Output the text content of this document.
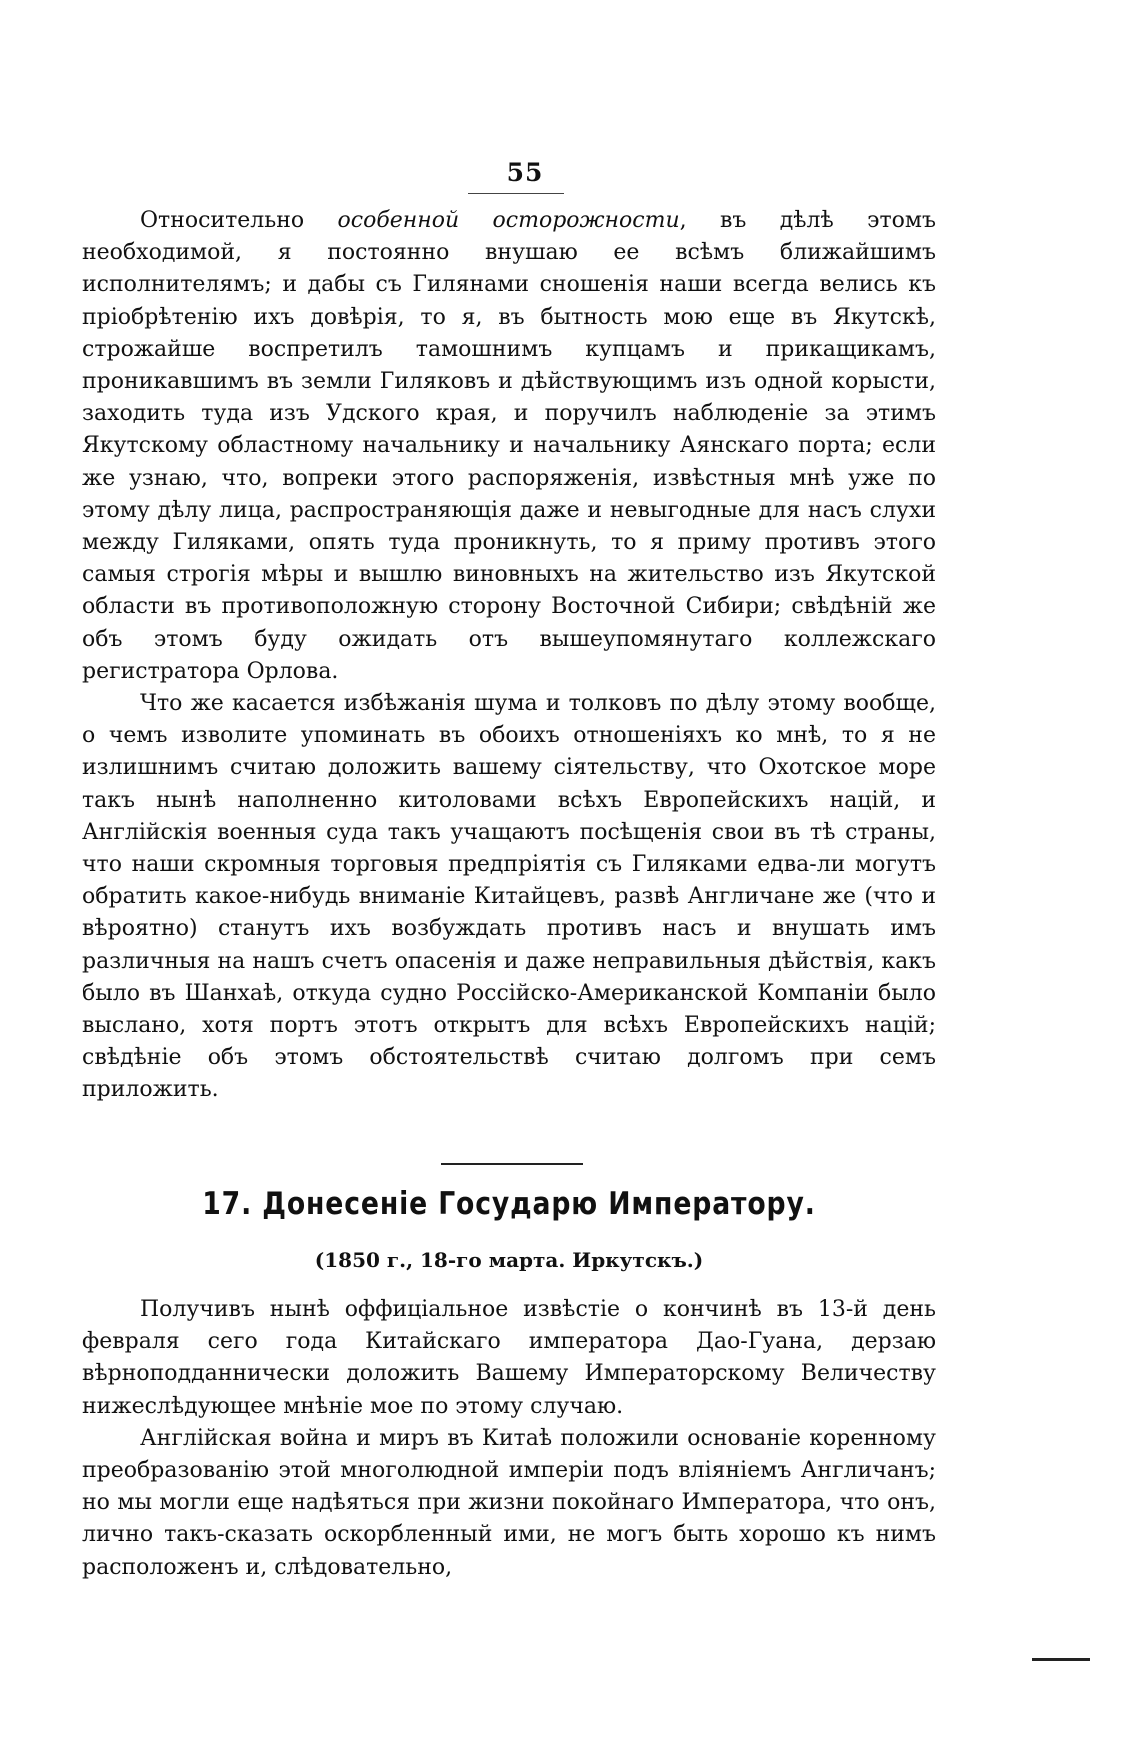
55

Относительно особенной осторожности, въ дѣлѣ этомъ необходимой, я постоянно внушаю ее всѣмъ ближайшимъ исполнителямъ; и дабы съ Гилянами сношенія наши всегда велись къ пріобрѣтенію ихъ довѣрія, то я, въ бытность мою еще въ Якутскѣ, строжайше воспретилъ тамошнимъ купцамъ и прикащикамъ, проникавшимъ въ земли Гиляковъ и дѣйствующимъ изъ одной корысти, заходить туда изъ Удского края, и поручилъ наблюденіе за этимъ Якутскому областному начальнику и начальнику Аянскаго порта; если же узнаю, что, вопреки этого распоряженія, извѣстныя мнѣ уже по этому дѣлу лица, распространяющія даже и невыгодные для насъ слухи между Гиляками, опять туда проникнуть, то я приму противъ этого самыя строгія мѣры и вышлю виновныхъ на жительство изъ Якутской области въ противоположную сторону Восточной Сибири; свѣдѣній же объ этомъ буду ожидать отъ вышеупомянутаго коллежскаго регистратора Орлова.

Что же касается избѣжанія шума и толковъ по дѣлу этому вообще, о чемъ изволите упоминать въ обоихъ отношеніяхъ ко мнѣ, то я не излишнимъ считаю доложить вашему сіятельству, что Охотское море такъ нынѣ наполненно китоловами всѣхъ Европейскихъ націй, и Англійскія военныя суда такъ учащаютъ посѣщенія свои въ тѣ страны, что наши скромныя торговыя предпріятія съ Гиляками едва-ли могутъ обратить какое-нибудь вниманіе Китайцевъ, развѣ Англичане же (что и вѣроятно) станутъ ихъ возбуждать противъ насъ и внушать имъ различныя на нашъ счетъ опасенія и даже неправильныя дѣйствія, какъ было въ Шанхаѣ, откуда судно Россійско-Американской Компаніи было выслано, хотя портъ этотъ открытъ для всѣхъ Европейскихъ націй; свѣдѣніе объ этомъ обстоятельствѣ считаю долгомъ при семъ приложить.

17. Донесеніе Государю Императору.
(1850 г., 18-го марта. Иркутскъ.)

Получивъ нынѣ оффиціальное извѣстіе о кончинѣ въ 13-й день февраля сего года Китайскаго императора Дао-Гуана, дерзаю вѣрноподданнически доложить Вашему Императорскому Величеству нижеслѣдующее мнѣніе мое по этому случаю.

Англійская война и миръ въ Китаѣ положили основаніе коренному преобразованію этой многолюдной имперіи подъ вліяніемъ Англичанъ; но мы могли еще надѣяться при жизни покойнаго Императора, что онъ, лично такъ-сказать оскорбленный ими, не могъ быть хорошо къ нимъ расположенъ и, слѣдовательно,
